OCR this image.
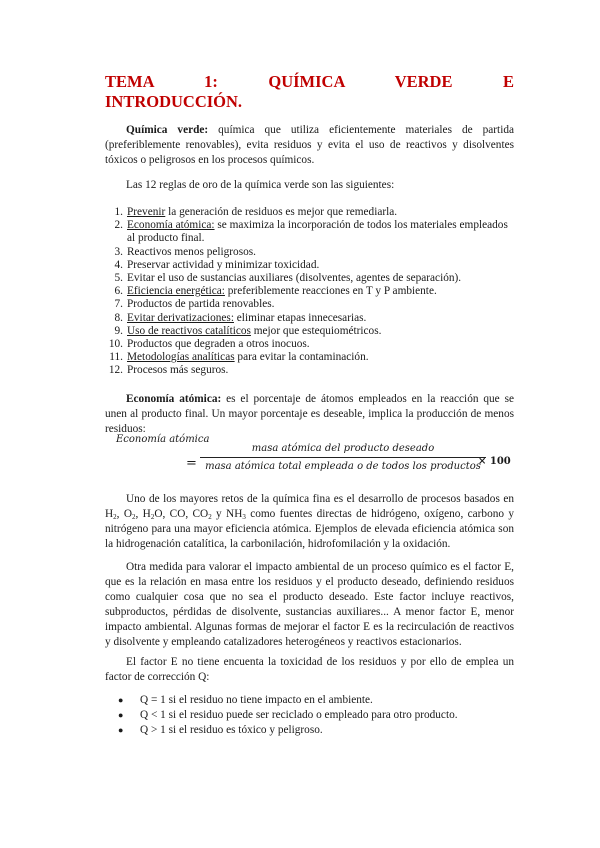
TEMA 1: QUÍMICA VERDE E
INTRODUCCIÓN.

Química verde: química que utiliza eficientemente materiales de partida (preferiblemente renovables), evita residuos y evita el uso de reactivos y disolventes tóxicos o peligrosos en los procesos químicos.

Las 12 reglas de oro de la química verde son las siguientes:

1. Prevenir la generación de residuos es mejor que remediarla.
2. Economía atómica: se maximiza la incorporación de todos los materiales empleados al producto final.
3. Reactivos menos peligrosos.
4. Preservar actividad y minimizar toxicidad.
5. Evitar el uso de sustancias auxiliares (disolventes, agentes de separación).
6. Eficiencia energética: preferiblemente reacciones en T y P ambiente.
7. Productos de partida renovables.
8. Evitar derivatizaciones: eliminar etapas innecesarias.
9. Uso de reactivos catalíticos mejor que estequiométricos.
10. Productos que degraden a otros inocuos.
11. Metodologías analíticas para evitar la contaminación.
12. Procesos más seguros.

Economía atómica: es el porcentaje de átomos empleados en la reacción que se unen al producto final. Un mayor porcentaje es deseable, implica la producción de menos residuos:

Economía atómica
=
masa atómica del producto deseado
masa atómica total empleada o de todos los productos
× 100

Uno de los mayores retos de la química fina es el desarrollo de procesos basados en $H_2$, $O_2$, $H_2O$, CO, $CO_2$ y $NH_3$ como fuentes directas de hidrógeno, oxígeno, carbono y nitrógeno para una mayor eficiencia atómica. Ejemplos de elevada eficiencia atómica son la hidrogenación catalítica, la carbonilación, hidrofomilación y la oxidación.

Otra medida para valorar el impacto ambiental de un proceso químico es el factor E, que es la relación en masa entre los residuos y el producto deseado, definiendo residuos como cualquier cosa que no sea el producto deseado. Este factor incluye reactivos, subproductos, pérdidas de disolvente, sustancias auxiliares... A menor factor E, menor impacto ambiental. Algunas formas de mejorar el factor E es la recirculación de reactivos y disolvente y empleando catalizadores heterogéneos y reactivos estacionarios.

El factor E no tiene encuenta la toxicidad de los residuos y por ello de emplea un factor de corrección Q:

● Q = 1 si el residuo no tiene impacto en el ambiente.
● Q < 1 si el residuo puede ser reciclado o empleado para otro producto.
● Q > 1 si el residuo es tóxico y peligroso.
